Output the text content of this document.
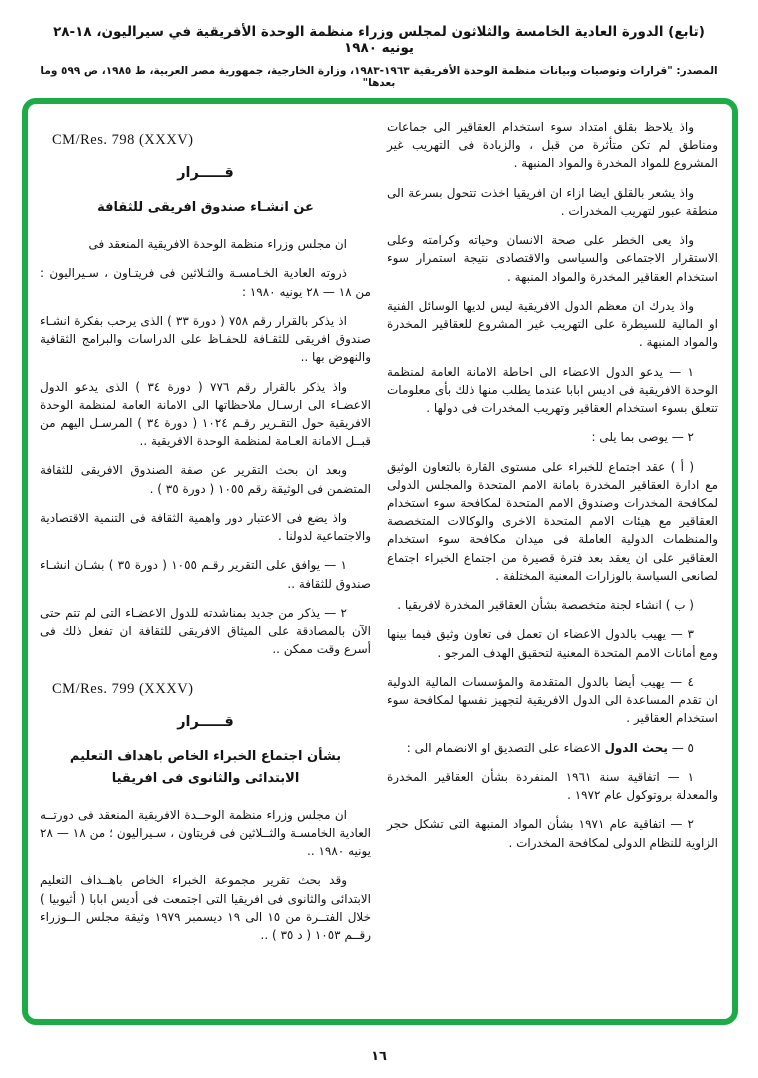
(تابع) الدورة العادية الخامسة والثلاثون لمجلس وزراء منظمة الوحدة الأفريقية في سيراليون، ١٨-٢٨ يونيه ١٩٨٠
المصدر: "قرارات وتوصيات وبيانات منظمة الوحدة الأفريقية ١٩٦٣-١٩٨٣، وزارة الخارجية، جمهورية مصر العربية، ط ١٩٨٥، ص ٥٩٩ وما بعدها"

واذ يلاحظ بقلق امتداد سوء استخدام العقاقير الى جماعات ومناطق لم تكن متأثرة من قبل ، والزيادة فى التهريب غير المشروع للمواد المخدرة والمواد المنبهة .

واذ يشعر بالقلق ايضا ازاء ان افريقيا اخذت تتحول بسرعة الى منطقة عبور لتهريب المخدرات .

واذ يعى الخطر على صحة الانسان وحياته وكرامته وعلى الاستقرار الاجتماعى والسياسى والاقتصادى نتيجة استمرار سوء استخدام العقاقير المخدرة والمواد المنبهة .

واذ يدرك ان معظم الدول الافريقية ليس لديها الوسائل الفنية او المالية للسيطرة على التهريب غير المشروع للعقاقير المخدرة والمواد المنبهة .

١ — يدعو الدول الاعضاء الى احاطة الامانة العامة لمنظمة الوحدة الافريقية فى اديس ابابا عندما يطلب منها ذلك بأى معلومات تتعلق بسوء استخدام العقاقير وتهريب المخدرات فى دولها .

٢ — يوصى بما يلى :

( أ ) عقد اجتماع للخبراء على مستوى القارة بالتعاون الوثيق مع ادارة العقاقير المخدرة بامانة الامم المتحدة والمجلس الدولى لمكافحة المخدرات وصندوق الامم المتحدة لمكافحة سوء استخدام العقاقير مع هيئات الامم المتحدة الاخرى والوكالات المتخصصة والمنظمات الدولية العاملة فى ميدان مكافحة سوء استخدام العقاقير على ان يعقد بعد فترة قصيرة من اجتماع الخبراء اجتماع لصانعى السياسة بالوزارات المعنية المختلفة .

( ب ) انشاء لجنة متخصصة بشأن العقاقير المخدرة لافريقيا .

٣ — يهيب بالدول الاعضاء ان تعمل فى تعاون وثيق فيما بينها ومع أمانات الامم المتحدة المعنية لتحقيق الهدف المرجو .

٤ — يهيب أيضا بالدول المتقدمة والمؤسسات المالية الدولية ان تقدم المساعدة الى الدول الافريقية لتجهيز نفسها لمكافحة سوء استخدام العقاقير .

٥ — يحث الدول الاعضاء على التصديق او الانضمام الى :

١ — اتفاقية سنة ١٩٦١ المنفردة بشأن العقاقير المخدرة والمعدلة بروتوكول عام ١٩٧٢ .

٢ — اتفاقية عام ١٩٧١ بشأن المواد المنبهة التى تشكل حجر الزاوية للنظام الدولى لمكافحة المخدرات .

CM/Res. 798 (XXXV)
قـــــرار
عن انشـاء صندوق افريقى للثقافة

ان مجلس وزراء منظمة الوحدة الافريقية المنعقد فى

ذروته العادية الخـامسـة والثـلاثين فى فريتـاون ، سـيراليون : من ١٨ — ٢٨ يونيه ١٩٨٠ :

اذ يذكر بالقرار رقم ٧٥٨ ( دورة ٣٣ ) الذى يرحب بفكرة انشـاء صندوق افريقى للثقـافة للحفـاظ على الدراسات والبرامج الثقافية والنهوض بها ..

واذ يذكر بالقرار رقم ٧٧٦ ( دورة ٣٤ ) الذى يدعو الدول الاعضـاء الى ارسـال ملاحظاتها الى الامانة العامة لمنظمة الوحدة الافريقية حول التقـرير رقـم ١٠٢٤ ( دورة ٣٤ ) المرسـل اليهم من قبــل الامانة العـامة لمنظمة الوحدة الافريقية ..

وبعد ان بحث التقرير عن صفة الصندوق الافريقى للثقافة المتضمن فى الوثيقة رقم ١٠٥٥ ( دورة ٣٥ ) .

واذ يضع فى الاعتبار دور واهمية الثقافة فى التنمية الاقتصادية والاجتماعية لدولنا .

١ — يوافق على التقرير رقـم ١٠٥٥ ( دورة ٣٥ ) بشـان انشـاء صندوق للثقافة ..

٢ — يذكر من جديد بمناشدته للدول الاعضـاء التى لم تتم حتى الآن بالمصادقة على الميثاق الافريقى للثقافة ان تفعل ذلك فى أسرع وقت ممكن ..

CM/Res. 799 (XXXV)
قـــــرار
بشأن اجتماع الخبراء الخاص باهداف التعليم
الابتدائى والثانوى فى افريقيا

ان مجلس وزراء منظمة الوحــدة الافريقية المنعقد فى دورتــه العادية الخامسـة والثــلاثين فى فريتاون ، سـيراليون ؛ من ١٨ — ٢٨ يونيه ١٩٨٠ ..

وقد بحث تقرير مجموعة الخبراء الخاص باهــداف التعليم الابتدائى والثانوى فى افريقيا التى اجتمعت فى أديس ابابا ( أثيوبيا ) خلال الفتــرة من ١٥ الى ١٩ ديسمبر ١٩٧٩ وثيقة مجلس الــوزراء رقــم ١٠٥٣ ( د ٣٥ ) ..

١٦
